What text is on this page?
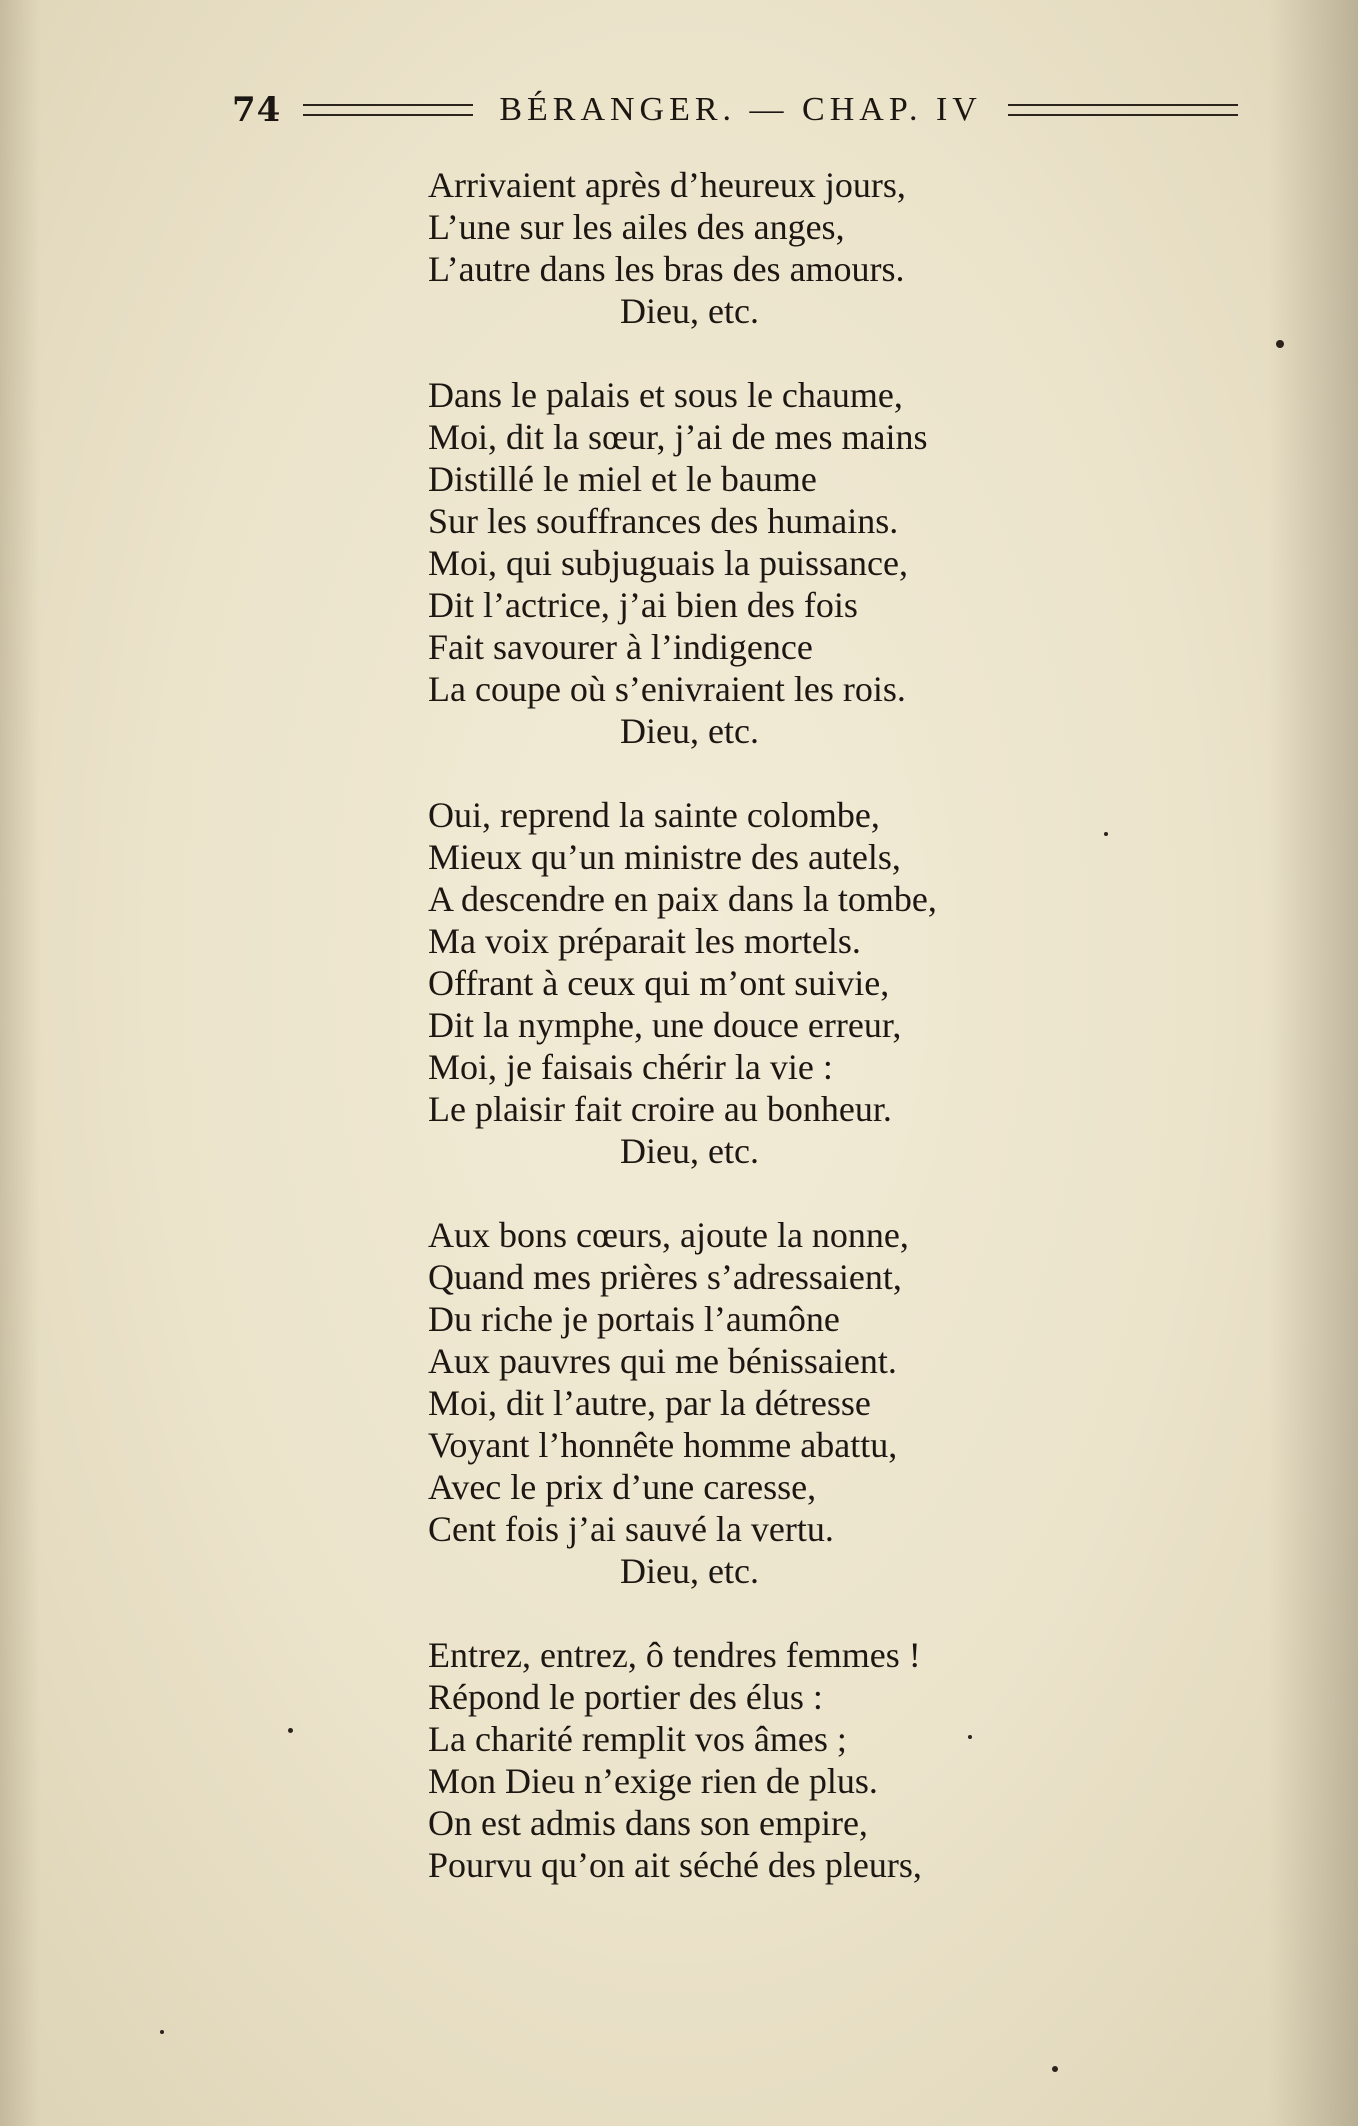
74	BÉRANGER. — CHAP. IV
Arrivaient après d’heureux jours,
L’une sur les ailes des anges,
L’autre dans les bras des amours.
Dieu, etc.
Dans le palais et sous le chaume,
Moi, dit la sœur, j’ai de mes mains
Distillé le miel et le baume
Sur les souffrances des humains.
Moi, qui subjuguais la puissance,
Dit l’actrice, j’ai bien des fois
Fait savourer à l’indigence
La coupe où s’enivraient les rois.
Dieu, etc.
Oui, reprend la sainte colombe,
Mieux qu’un ministre des autels,
A descendre en paix dans la tombe,
Ma voix préparait les mortels.
Offrant à ceux qui m’ont suivie,
Dit la nymphe, une douce erreur,
Moi, je faisais chérir la vie :
Le plaisir fait croire au bonheur.
Dieu, etc.
Aux bons cœurs, ajoute la nonne,
Quand mes prières s’adressaient,
Du riche je portais l’aumône
Aux pauvres qui me bénissaient.
Moi, dit l’autre, par la détresse
Voyant l’honnête homme abattu,
Avec le prix d’une caresse,
Cent fois j’ai sauvé la vertu.
Dieu, etc.
Entrez, entrez, ô tendres femmes !
Répond le portier des élus :
La charité remplit vos âmes ;
Mon Dieu n’exige rien de plus.
On est admis dans son empire,
Pourvu qu’on ait séché des pleurs,
